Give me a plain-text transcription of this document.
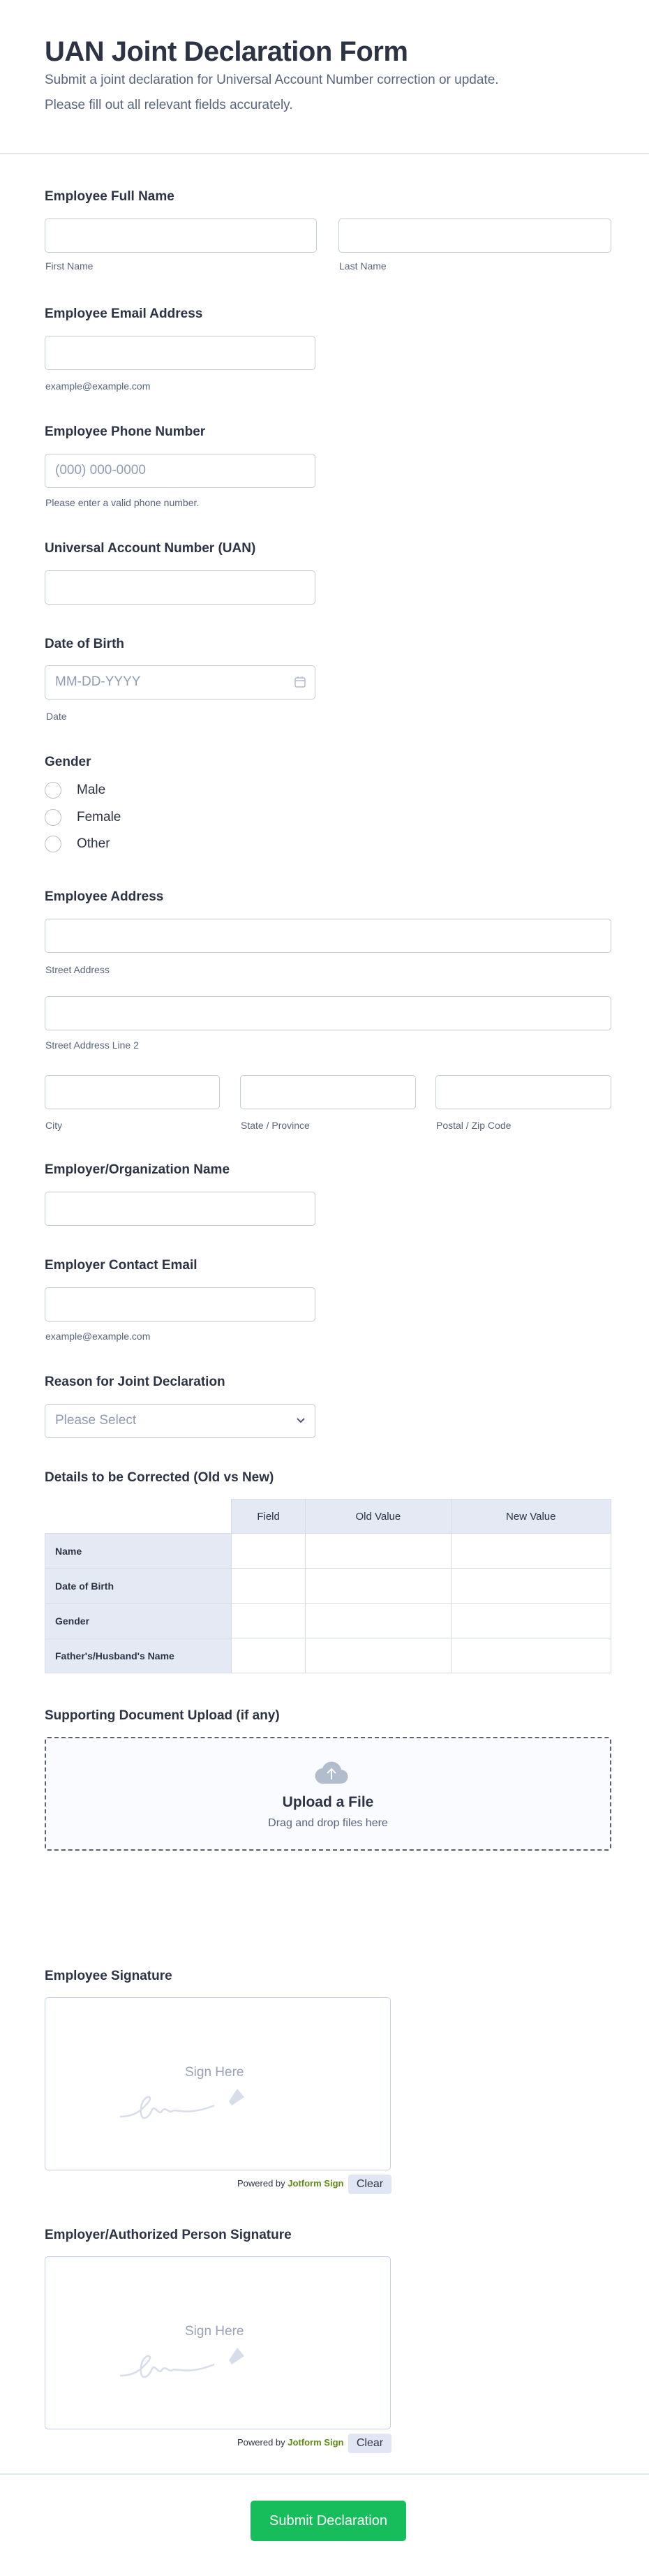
UAN Joint Declaration Form
Submit a joint declaration for Universal Account Number correction or update.
Please fill out all relevant fields accurately.
Employee Full Name
First Name	Last Name
Employee Email Address
example@example.com
Employee Phone Number
(000) 000-0000
Please enter a valid phone number.
Universal Account Number (UAN)
Date of Birth
MM-DD-YYYY
Date
Gender
Male
Female
Other
Employee Address
Street Address
Street Address Line 2
City	State / Province	Postal / Zip Code
Employer/Organization Name
Employer Contact Email
example@example.com
Reason for Joint Declaration
Please Select
Details to be Corrected (Old vs New)
	Field	Old Value	New Value
Name			
Date of Birth			
Gender			
Father's/Husband's Name			
Supporting Document Upload (if any)
Upload a File
Drag and drop files here
Employee Signature
Sign Here
Powered by Jotform Sign	Clear
Employer/Authorized Person Signature
Sign Here
Powered by Jotform Sign	Clear
Submit Declaration
